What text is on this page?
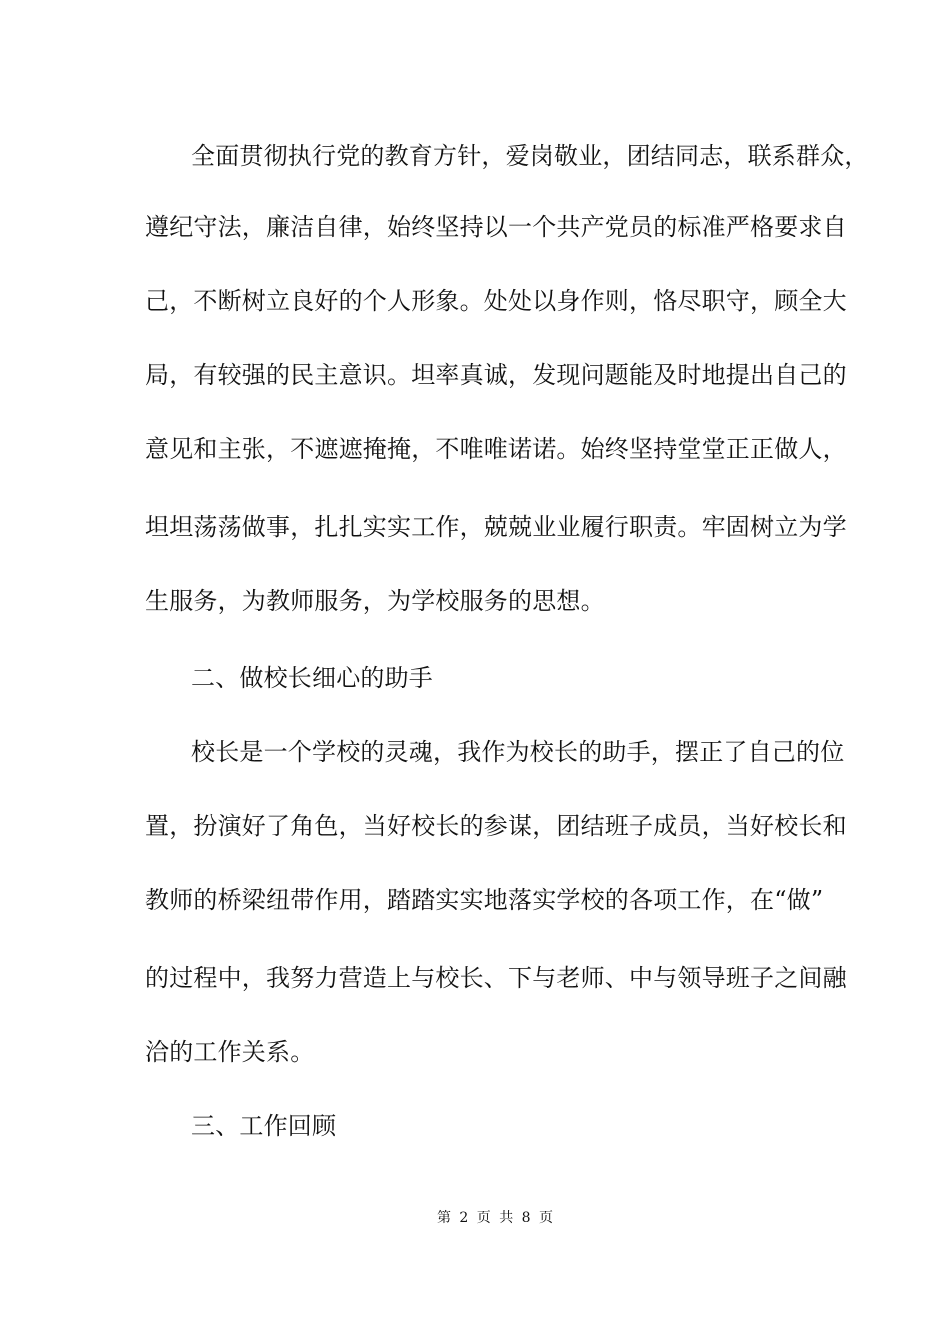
全面贯彻执行党的教育方针，爱岗敬业，团结同志，联系群众，
遵纪守法，廉洁自律，始终坚持以一个共产党员的标准严格要求自
己，不断树立良好的个人形象。处处以身作则，恪尽职守，顾全大
局，有较强的民主意识。坦率真诚，发现问题能及时地提出自己的
意见和主张，不遮遮掩掩，不唯唯诺诺。始终坚持堂堂正正做人，
坦坦荡荡做事，扎扎实实工作，兢兢业业履行职责。牢固树立为学
生服务，为教师服务，为学校服务的思想。
二、做校长细心的助手
校长是一个学校的灵魂，我作为校长的助手，摆正了自己的位
置，扮演好了角色，当好校长的参谋，团结班子成员，当好校长和
教师的桥梁纽带作用，踏踏实实地落实学校的各项工作，在“做”
的过程中，我努力营造上与校长、下与老师、中与领导班子之间融
洽的工作关系。
三、工作回顾
第 2 页 共 8 页
